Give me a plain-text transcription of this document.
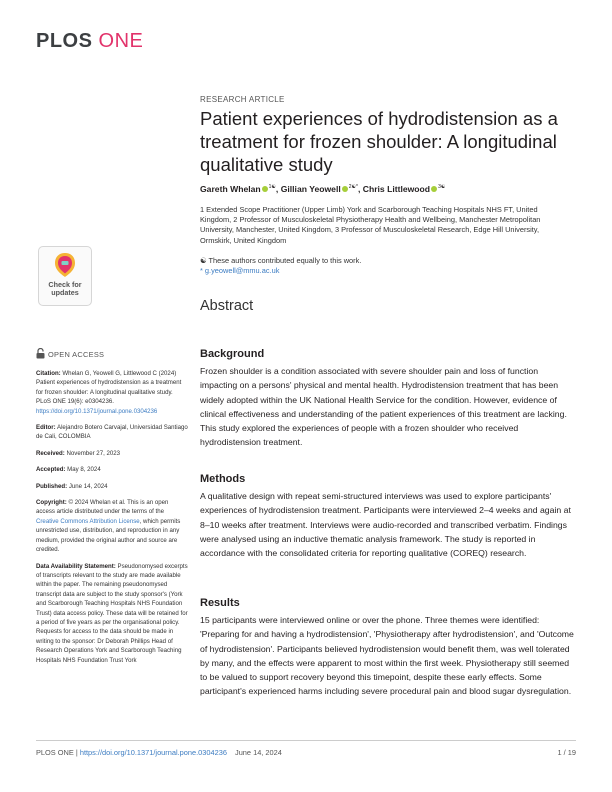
PLOS ONE
RESEARCH ARTICLE
Patient experiences of hydrodistension as a treatment for frozen shoulder: A longitudinal qualitative study
Gareth Whelan $^{1☯}$, Gillian Yeowell $^{2☯*}$, Chris Littlewood $^{3☯}$
1 Extended Scope Practitioner (Upper Limb) York and Scarborough Teaching Hospitals NHS FT, United Kingdom, 2 Professor of Musculoskeletal Physiotherapy Health and Wellbeing, Manchester Metropolitan University, Manchester, United Kingdom, 3 Professor of Musculoskeletal Research, Edge Hill University, Ormskirk, United Kingdom
☯ These authors contributed equally to this work.
* g.yeowell@mmu.ac.uk
Check for
updates
Abstract
OPEN ACCESS

Citation: Whelan G, Yeowell G, Littlewood C (2024) Patient experiences of hydrodistension as a treatment for frozen shoulder: A longitudinal qualitative study. PLoS ONE 19(6): e0304236. https://doi.org/10.1371/journal.pone.0304236

Editor: Alejandro Botero Carvajal, Universidad Santiago de Cali, COLOMBIA

Received: November 27, 2023

Accepted: May 8, 2024

Published: June 14, 2024

Copyright: © 2024 Whelan et al. This is an open access article distributed under the terms of the Creative Commons Attribution License, which permits unrestricted use, distribution, and reproduction in any medium, provided the original author and source are credited.

Data Availability Statement: Pseudonomysed excerpts of transcripts relevant to the study are made available within the paper. The remaining pseudonomysed transcript data are subject to the study sponsor's (York and Scarborough Teaching Hospitals NHS Foundation Trust) data access policy. These data will be retained for a period of five years as per the organisational policy. Requests for access to the data should be made in writing to the sponsor: Dr Deborah Phillips Head of Research Operations York and Scarborough Teaching Hospitals NHS Foundation Trust York

Background

Frozen shoulder is a condition associated with severe shoulder pain and loss of function impacting on a persons' physical and mental health. Hydrodistension treatment that has been widely adopted within the UK National Health Service for the condition. However, evidence of clinical effectiveness and understanding of the patient experiences of this treatment are lacking. This study explored the experiences of people with a frozen shoulder who received hydrodistension treatment.

Methods

A qualitative design with repeat semi-structured interviews was used to explore participants' experiences of hydrodistension treatment. Participants were interviewed 2–4 weeks and again at 8–10 weeks after treatment. Interviews were audio-recorded and transcribed verbatim. Findings were analysed using an inductive thematic analysis framework. The study is reported in accordance with the consolidated criteria for reporting qualitative (COREQ) research.

Results

15 participants were interviewed online or over the phone. Three themes were identified: 'Preparing for and having a hydrodistension', 'Physiotherapy after hydrodistension', and 'Outcome of hydrodistension'. Participants believed hydrodistension would benefit them, was well tolerated by many, and the effects were apparent to most within the first week. Physiotherapy still seemed to be valued to support recovery beyond this timepoint, despite these early effects. Some participant's experienced harms including severe procedural pain and blood sugar dysregulation.

PLOS ONE | https://doi.org/10.1371/journal.pone.0304236 June 14, 2024	1 / 19
